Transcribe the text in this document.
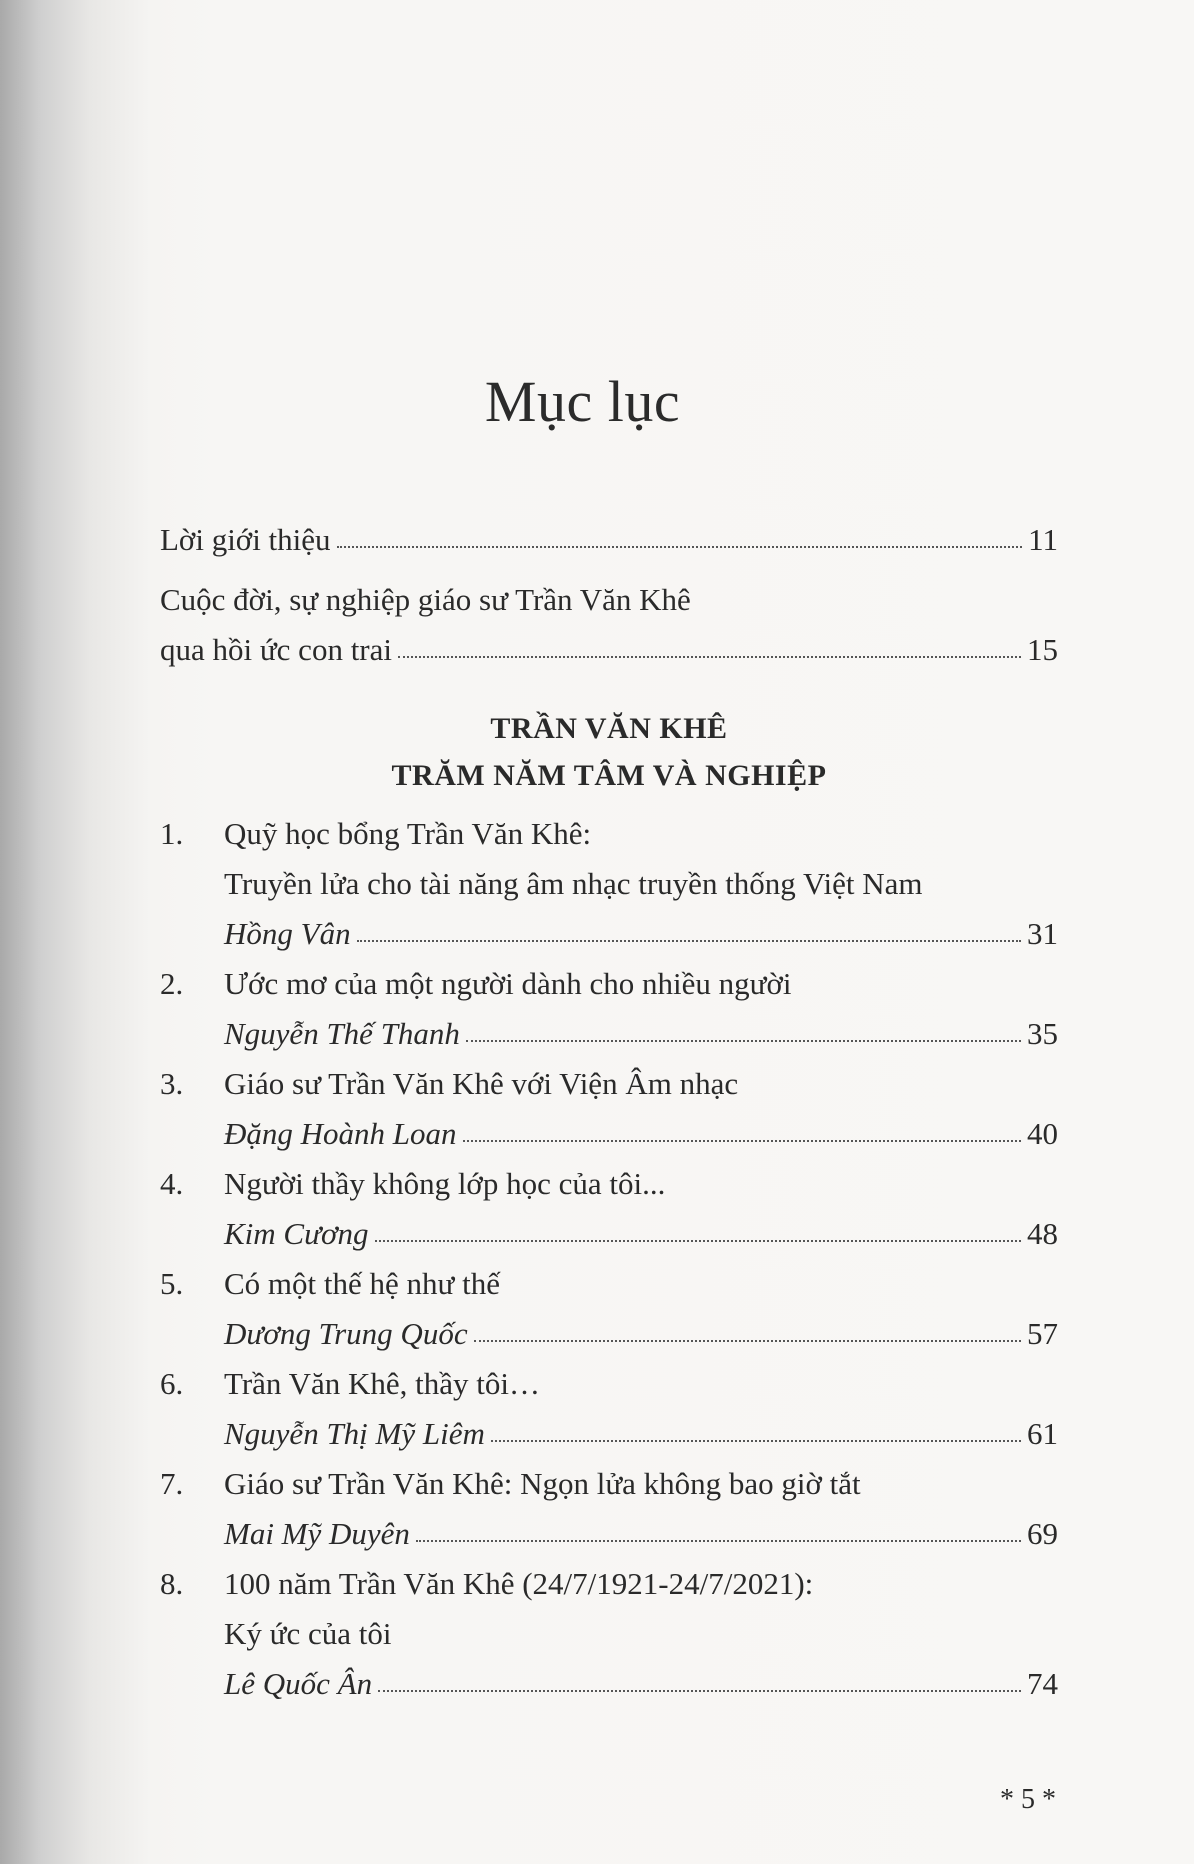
Mục lục
Lời giới thiệu	11
Cuộc đời, sự nghiệp giáo sư Trần Văn Khê
qua hồi ức con trai	15
TRẦN VĂN KHÊ
TRĂM NĂM TÂM VÀ NGHIỆP
1.	Quỹ học bổng Trần Văn Khê:
Truyền lửa cho tài năng âm nhạc truyền thống Việt Nam
Hồng Vân	31
2.	Ước mơ của một người dành cho nhiều người
Nguyễn Thế Thanh	35
3.	Giáo sư Trần Văn Khê với Viện Âm nhạc
Đặng Hoành Loan	40
4.	Người thầy không lớp học của tôi...
Kim Cương	48
5.	Có một thế hệ như thế
Dương Trung Quốc	57
6.	Trần Văn Khê, thầy tôi…
Nguyễn Thị Mỹ Liêm	61
7.	Giáo sư Trần Văn Khê: Ngọn lửa không bao giờ tắt
Mai Mỹ Duyên	69
8.	100 năm Trần Văn Khê (24/7/1921-24/7/2021):
Ký ức của tôi
Lê Quốc Ân	74
* 5 *
